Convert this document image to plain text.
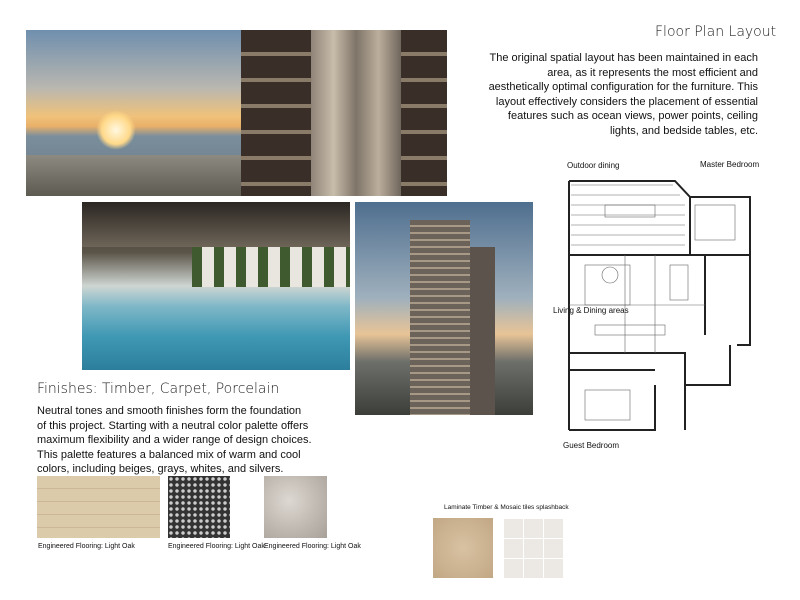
Floor Plan Layout
The original spatial layout has been maintained in each area, as it represents the most efficient and aesthetically optimal configuration for the furniture. This layout effectively considers the placement of essential features such as ocean views, power points, ceiling lights, and bedside tables, etc.
Outdoor dining	Master Bedroom
Living & Dining areas
Guest Bedroom
Finishes: Timber, Carpet, Porcelain
Neutral tones and smooth finishes form the foundation of this project. Starting with a neutral color palette offers maximum flexibility and a wider range of design choices. This palette features a balanced mix of warm and cool colors, including beiges, grays, whites, and silvers.
Engineered Flooring: Light Oak	Engineered Flooring: Light Oak Engineered Flooring: Light Oak
Laminate Timber & Mosaic tiles splashback
